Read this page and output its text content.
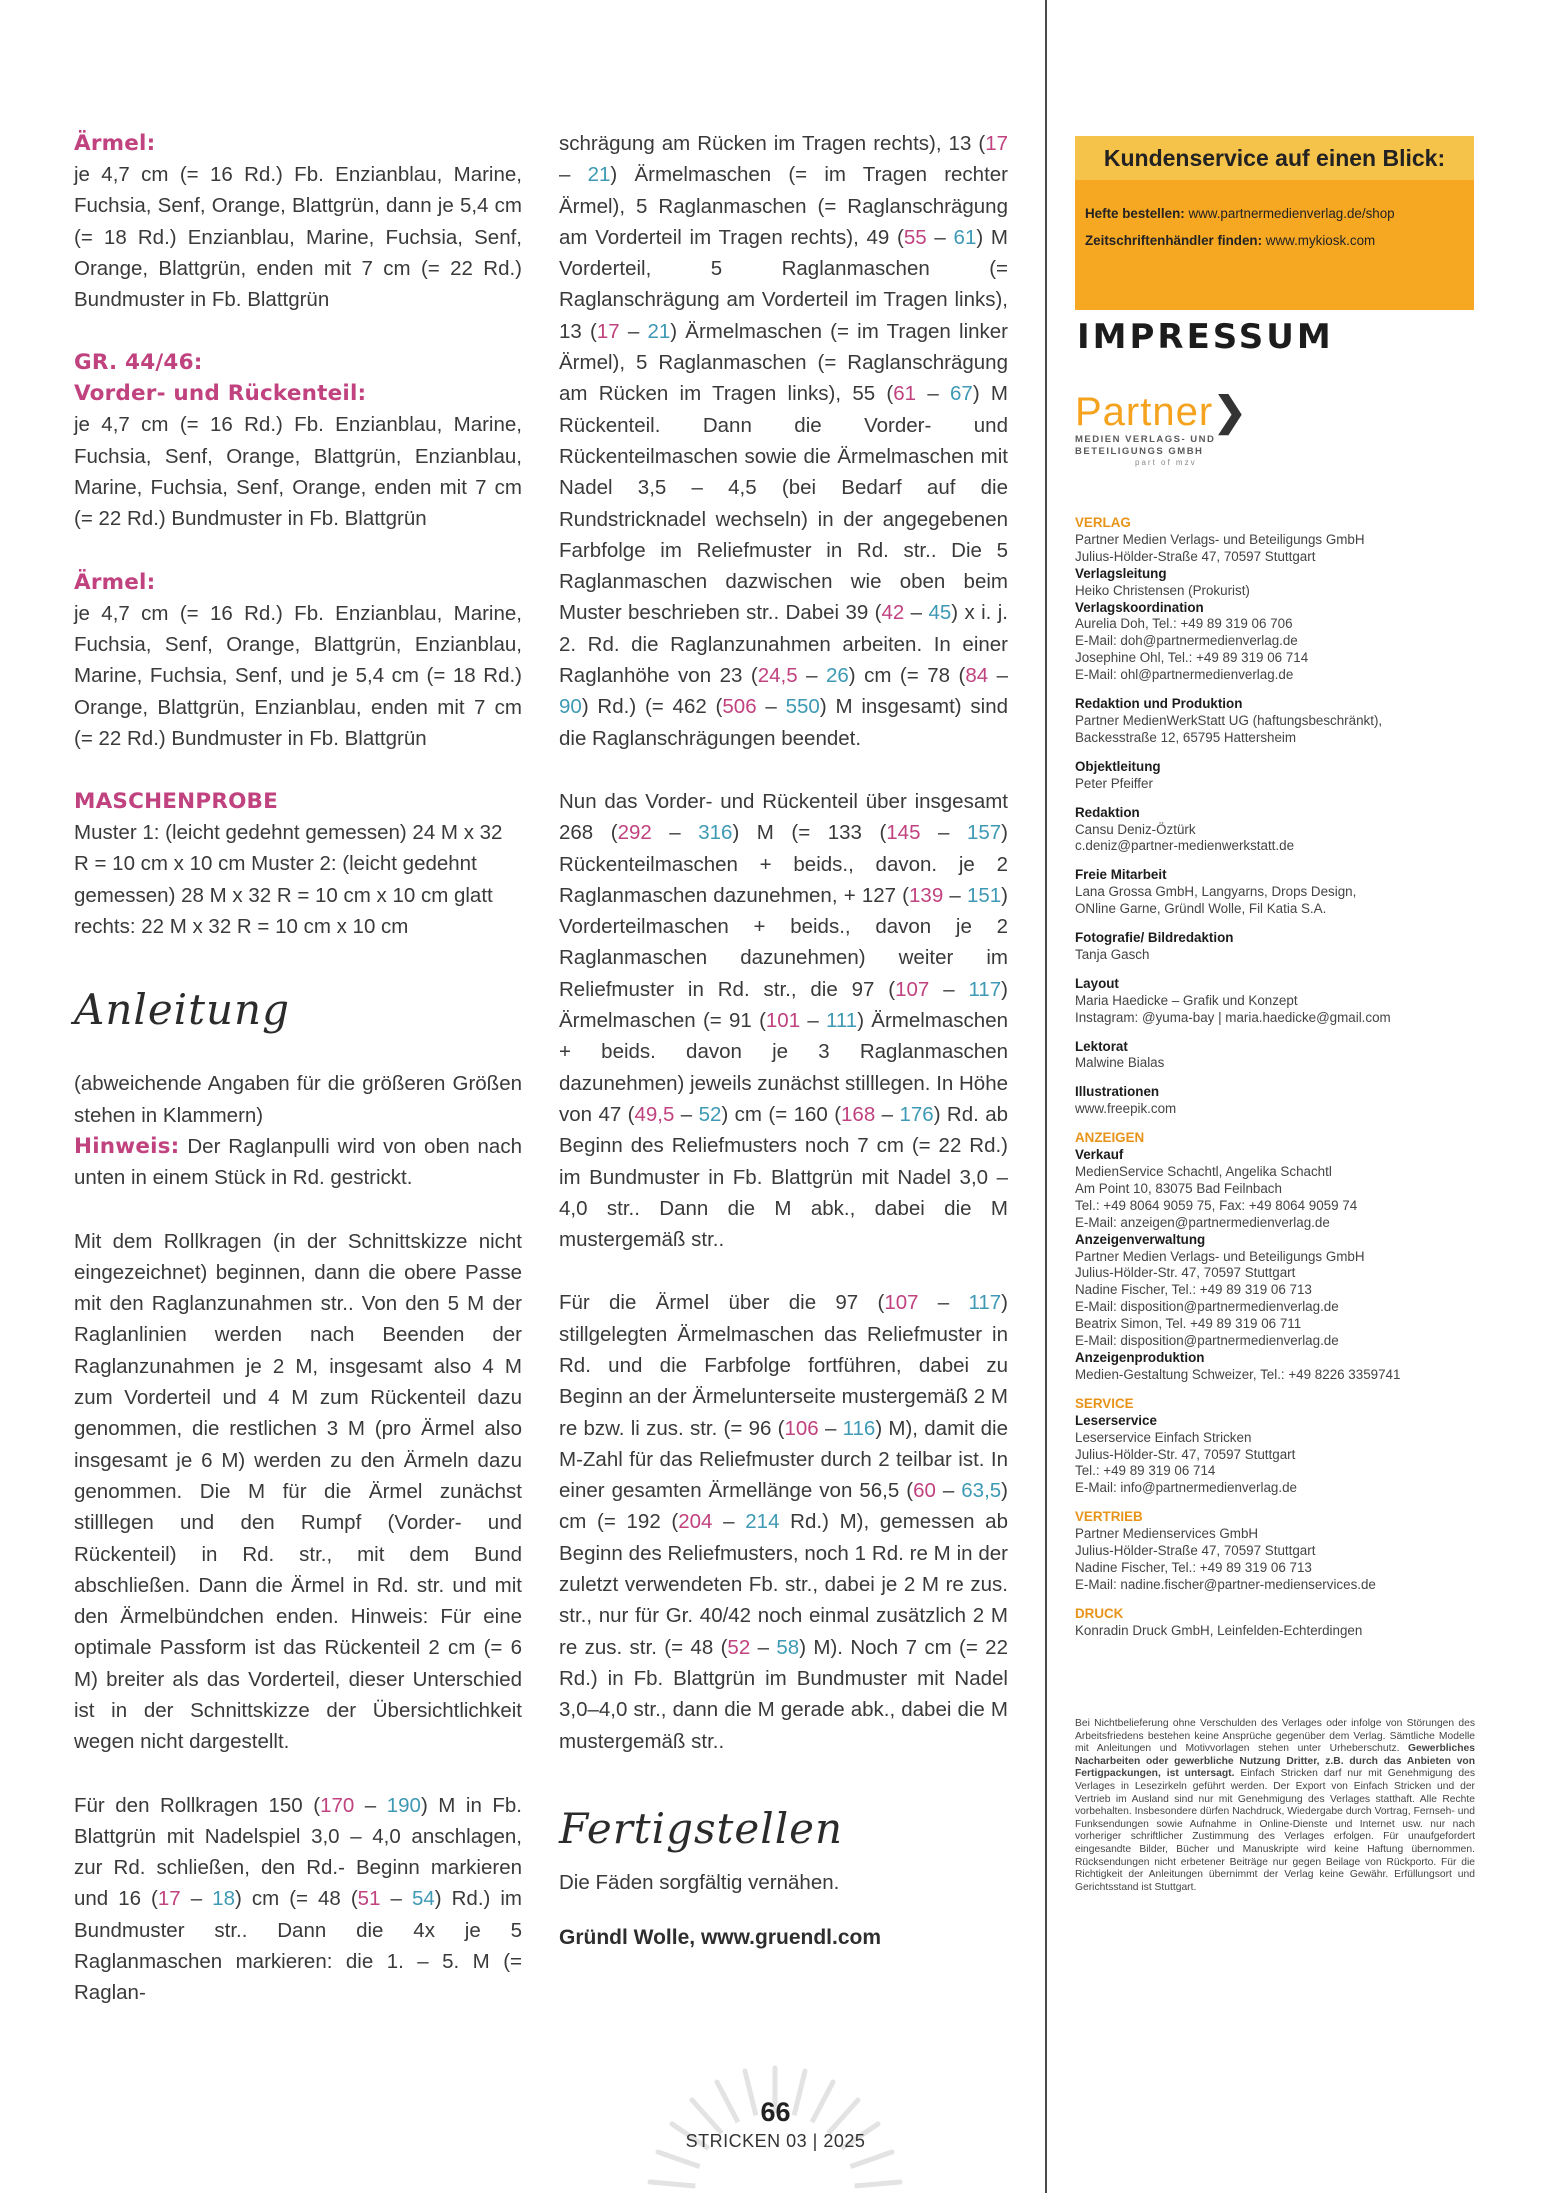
Ärmel:

je 4,7 cm (= 16 Rd.) Fb. Enzianblau, Marine, Fuchsia, Senf, Orange, Blattgrün, dann je 5,4 cm (= 18 Rd.) Enzianblau, Marine, Fuchsia, Senf, Orange, Blattgrün, enden mit 7 cm (= 22 Rd.) Bundmuster in Fb. Blattgrün

GR. 44/46:

Vorder- und Rückenteil:

je 4,7 cm (= 16 Rd.) Fb. Enzianblau, Marine, Fuchsia, Senf, Orange, Blattgrün, Enzianblau, Marine, Fuchsia, Senf, Orange, enden mit 7 cm (= 22 Rd.) Bundmuster in Fb. Blattgrün

Ärmel:

je 4,7 cm (= 16 Rd.) Fb. Enzianblau, Marine, Fuchsia, Senf, Orange, Blattgrün, Enzianblau, Marine, Fuchsia, Senf, und je 5,4 cm (= 18 Rd.) Orange, Blattgrün, Enzianblau, enden mit 7 cm (= 22 Rd.) Bundmuster in Fb. Blattgrün

MASCHENPROBE

Muster 1: (leicht gedehnt gemessen) 24 M x 32 R = 10 cm x 10 cm Muster 2: (leicht gedehnt gemessen) 28 M x 32 R = 10 cm x 10 cm glatt rechts: 22 M x 32 R = 10 cm x 10 cm

Anleitung

(abweichende Angaben für die größeren Größen stehen in Klammern)

Hinweis: Der Raglanpulli wird von oben nach unten in einem Stück in Rd. gestrickt.

Mit dem Rollkragen (in der Schnittskizze nicht eingezeichnet) beginnen, dann die obere Passe mit den Raglanzunahmen str.. Von den 5 M der Raglanlinien werden nach Beenden der Raglanzunahmen je 2 M, insgesamt also 4 M zum Vorderteil und 4 M zum Rückenteil dazu genommen, die restlichen 3 M (pro Ärmel also insgesamt je 6 M) werden zu den Ärmeln dazu genommen. Die M für die Ärmel zunächst stilllegen und den Rumpf (Vorder- und Rückenteil) in Rd. str., mit dem Bund abschließen. Dann die Ärmel in Rd. str. und mit den Ärmelbündchen enden. Hinweis: Für eine optimale Passform ist das Rückenteil 2 cm (= 6 M) breiter als das Vorderteil, dieser Unterschied ist in der Schnittskizze der Übersichtlichkeit wegen nicht dargestellt.

Für den Rollkragen 150 (170 – 190) M in Fb. Blattgrün mit Nadelspiel 3,0 – 4,0 anschlagen, zur Rd. schließen, den Rd.- Beginn markieren und 16 (17 – 18) cm (= 48 (51 – 54) Rd.) im Bundmuster str.. Dann die 4x je 5 Raglanmaschen markieren: die 1. – 5. M (= Raglan-

schrägung am Rücken im Tragen rechts), 13 (17 – 21) Ärmelmaschen (= im Tragen rechter Ärmel), 5 Raglanmaschen (= Raglanschrägung am Vorderteil im Tragen rechts), 49 (55 – 61) M Vorderteil, 5 Raglanmaschen (= Raglanschrägung am Vorderteil im Tragen links), 13 (17 – 21) Ärmelmaschen (= im Tragen linker Ärmel), 5 Raglanmaschen (= Raglanschrägung am Rücken im Tragen links), 55 (61 – 67) M Rückenteil. Dann die Vorder- und Rückenteilmaschen sowie die Ärmelmaschen mit Nadel 3,5 – 4,5 (bei Bedarf auf die Rundstricknadel wechseln) in der angegebenen Farbfolge im Reliefmuster in Rd. str.. Die 5 Raglanmaschen dazwischen wie oben beim Muster beschrieben str.. Dabei 39 (42 – 45) x i. j. 2. Rd. die Raglanzunahmen arbeiten. In einer Raglanhöhe von 23 (24,5 – 26) cm (= 78 (84 – 90) Rd.) (= 462 (506 – 550) M insgesamt) sind die Raglanschrägungen beendet.

Nun das Vorder- und Rückenteil über insgesamt 268 (292 – 316) M (= 133 (145 – 157) Rückenteilmaschen + beids., davon. je 2 Raglanmaschen dazunehmen, + 127 (139 – 151) Vorderteilmaschen + beids., davon je 2 Raglanmaschen dazunehmen) weiter im Reliefmuster in Rd. str., die 97 (107 – 117) Ärmelmaschen (= 91 (101 – 111) Ärmelmaschen + beids. davon je 3 Raglanmaschen dazunehmen) jeweils zunächst stilllegen. In Höhe von 47 (49,5 – 52) cm (= 160 (168 – 176) Rd. ab Beginn des Reliefmusters noch 7 cm (= 22 Rd.) im Bundmuster in Fb. Blattgrün mit Nadel 3,0 – 4,0 str.. Dann die M abk., dabei die M mustergemäß str..

Für die Ärmel über die 97 (107 – 117) stillgelegten Ärmelmaschen das Reliefmuster in Rd. und die Farbfolge fortführen, dabei zu Beginn an der Ärmelunterseite mustergemäß 2 M re bzw. li zus. str. (= 96 (106 – 116) M), damit die M-Zahl für das Reliefmuster durch 2 teilbar ist. In einer gesamten Ärmellänge von 56,5 (60 – 63,5) cm (= 192 (204 – 214 Rd.) M), gemessen ab Beginn des Reliefmusters, noch 1 Rd. re M in der zuletzt verwendeten Fb. str., dabei je 2 M re zus. str., nur für Gr. 40/42 noch einmal zusätzlich 2 M re zus. str. (= 48 (52 – 58) M). Noch 7 cm (= 22 Rd.) in Fb. Blattgrün im Bundmuster mit Nadel 3,0–4,0 str., dann die M gerade abk., dabei die M mustergemäß str..

Fertigstellen

Die Fäden sorgfältig vernähen.

Gründl Wolle, www.gruendl.com

Kundenservice auf einen Blick:
Hefte bestellen: www.partnermedienverlag.de/shop
Zeitschriftenhändler finden: www.mykiosk.com
IMPRESSUM
Partner❯
MEDIEN VERLAGS- UND
BETEILIGUNGS GMBH
part of mzv
VERLAG
Partner Medien Verlags- und Beteiligungs GmbH
Julius-Hölder-Straße 47, 70597 Stuttgart
Verlagsleitung
Heiko Christensen (Prokurist)
Verlagskoordination
Aurelia Doh, Tel.: +49 89 319 06 706
E-Mail: doh@partnermedienverlag.de
Josephine Ohl, Tel.: +49 89 319 06 714
E-Mail: ohl@partnermedienverlag.de
Redaktion und Produktion
Partner MedienWerkStatt UG (haftungsbeschränkt),
Backesstraße 12, 65795 Hattersheim
Objektleitung
Peter Pfeiffer
Redaktion
Cansu Deniz-Öztürk
c.deniz@partner-medienwerkstatt.de
Freie Mitarbeit
Lana Grossa GmbH, Langyarns, Drops Design,
ONline Garne, Gründl Wolle, Fil Katia S.A.
Fotografie/ Bildredaktion
Tanja Gasch
Layout
Maria Haedicke – Grafik und Konzept
Instagram: @yuma-bay | maria.haedicke@gmail.com
Lektorat
Malwine Bialas
Illustrationen
www.freepik.com
ANZEIGEN
Verkauf
MedienService Schachtl, Angelika Schachtl
Am Point 10, 83075 Bad Feilnbach
Tel.: +49 8064 9059 75, Fax: +49 8064 9059 74
E-Mail: anzeigen@partnermedienverlag.de
Anzeigenverwaltung
Partner Medien Verlags- und Beteiligungs GmbH
Julius-Hölder-Str. 47, 70597 Stuttgart
Nadine Fischer, Tel.: +49 89 319 06 713
E-Mail: disposition@partnermedienverlag.de
Beatrix Simon, Tel. +49 89 319 06 711
E-Mail: disposition@partnermedienverlag.de
Anzeigenproduktion
Medien-Gestaltung Schweizer, Tel.: +49 8226 3359741
SERVICE
Leserservice
Leserservice Einfach Stricken
Julius-Hölder-Str. 47, 70597 Stuttgart
Tel.: +49 89 319 06 714
E-Mail: info@partnermedienverlag.de
VERTRIEB
Partner Medienservices GmbH
Julius-Hölder-Straße 47, 70597 Stuttgart
Nadine Fischer, Tel.: +49 89 319 06 713
E-Mail: nadine.fischer@partner-medienservices.de
DRUCK
Konradin Druck GmbH, Leinfelden-Echterdingen
Bei Nichtbelieferung ohne Verschulden des Verlages oder infolge von Störungen des Arbeitsfriedens bestehen keine Ansprüche gegenüber dem Verlag. Sämtliche Modelle mit Anleitungen und Motivvorlagen stehen unter Urheberschutz. Gewerbliches Nacharbeiten oder gewerbliche Nutzung Dritter, z.B. durch das Anbieten von Fertigpackungen, ist untersagt. Einfach Stricken darf nur mit Genehmigung des Verlages in Lesezirkeln geführt werden. Der Export von Einfach Stricken und der Vertrieb im Ausland sind nur mit Genehmigung des Verlages statthaft. Alle Rechte vorbehalten. Insbesondere dürfen Nachdruck, Wiedergabe durch Vortrag, Fernseh- und Funksendungen sowie Aufnahme in Online-Dienste und Internet usw. nur nach vorheriger schriftlicher Zustimmung des Verlages erfolgen. Für unaufgefordert eingesandte Bilder, Bücher und Manuskripte wird keine Haftung übernommen. Rücksendungen nicht erbetener Beiträge nur gegen Beilage von Rückporto. Für die Richtigkeit der Anleitungen übernimmt der Verlag keine Gewähr. Erfüllungsort und Gerichtsstand ist Stuttgart.
66
STRICKEN 03 | 2025
